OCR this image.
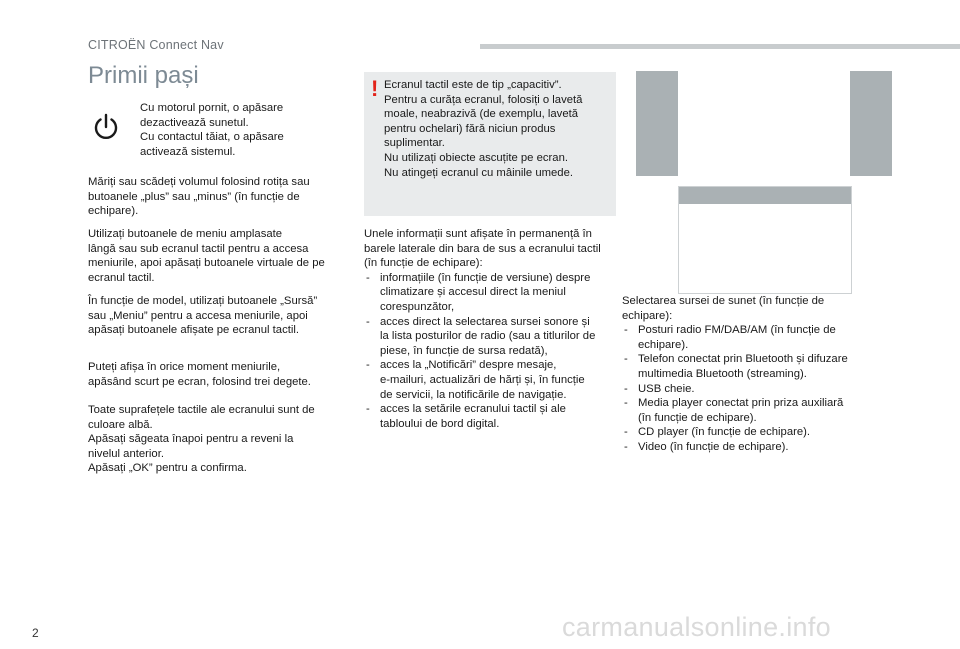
CITROËN Connect Nav
Primii pași
Cu motorul pornit, o apăsare
dezactivează sunetul.
Cu contactul tăiat, o apăsare
activează sistemul.
Măriți sau scădeți volumul folosind rotița sau
butoanele „plus” sau „minus” (în funcție de
echipare).
Utilizați butoanele de meniu amplasate
lângă sau sub ecranul tactil pentru a accesa
meniurile, apoi apăsați butoanele virtuale de pe
ecranul tactil.
În funcție de model, utilizați butoanele „Sursă”
sau „Meniu” pentru a accesa meniurile, apoi
apăsați butoanele afișate pe ecranul tactil.
Puteți afișa în orice moment meniurile,
apăsând scurt pe ecran, folosind trei degete.
Toate suprafețele tactile ale ecranului sunt de
culoare albă.
Apăsați săgeata înapoi pentru a reveni la
nivelul anterior.
Apăsați „OK” pentru a confirma.
! Ecranul tactil este de tip „capacitiv”.
Pentru a curăța ecranul, folosiți o lavetă
moale, neabrazivă (de exemplu, lavetă
pentru ochelari) fără niciun produs
suplimentar.
Nu utilizați obiecte ascuțite pe ecran.
Nu atingeți ecranul cu mâinile umede.
Unele informații sunt afișate în permanență în
barele laterale din bara de sus a ecranului tactil
(în funcție de echipare):
- informațiile (în funcție de versiune) despre
climatizare și accesul direct la meniul
corespunzător,
- acces direct la selectarea sursei sonore și
la lista posturilor de radio (sau a titlurilor de
piese, în funcție de sursa redată),
- acces la „Notificări” despre mesaje,
e-mailuri, actualizări de hărți și, în funcție
de servicii, la notificările de navigație.
- acces la setările ecranului tactil și ale
tabloului de bord digital.
Selectarea sursei de sunet (în funcție de
echipare):
- Posturi radio FM/DAB/AM (în funcție de
echipare).
- Telefon conectat prin Bluetooth și difuzare
multimedia Bluetooth (streaming).
- USB cheie.
- Media player conectat prin priza auxiliară
(în funcție de echipare).
- CD player (în funcție de echipare).
- Video (în funcție de echipare).
2	carmanualsonline.info
